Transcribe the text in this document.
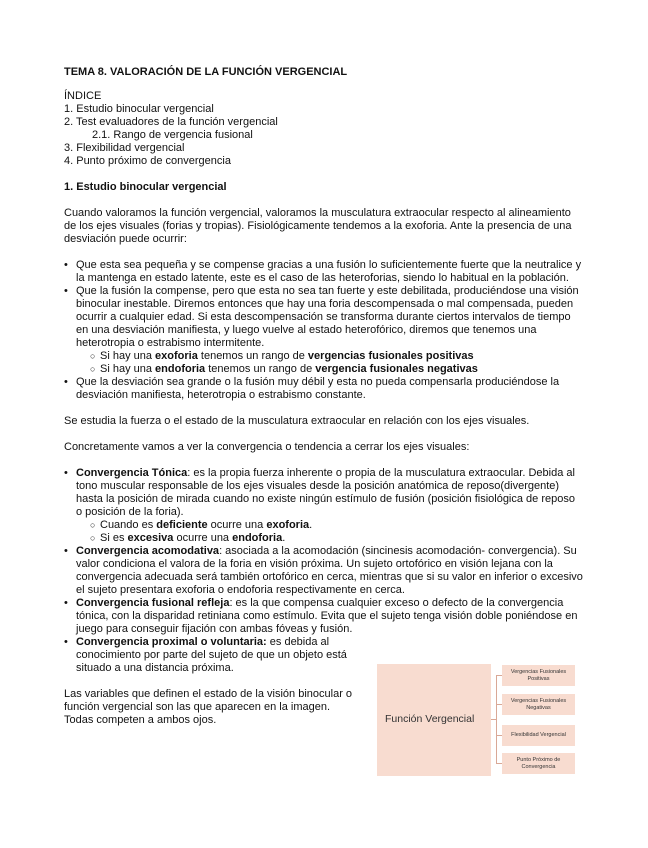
TEMA 8. VALORACIÓN DE LA FUNCIÓN VERGENCIAL

ÍNDICE
1. Estudio binocular vergencial
2. Test evaluadores de la función vergencial
2.1. Rango de vergencia fusional
3. Flexibilidad vergencial
4. Punto próximo de convergencia

1. Estudio binocular vergencial

Cuando valoramos la función vergencial, valoramos la musculatura extraocular respecto al alineamiento de los ejes visuales (forias y tropias). Fisiológicamente tendemos a la exoforia. Ante la presencia de una desviación puede ocurrir:

• Que esta sea pequeña y se compense gracias a una fusión lo suficientemente fuerte que la neutralice y la mantenga en estado latente, este es el caso de las heteroforias, siendo lo habitual en la población.
• Que la fusión la compense, pero que esta no sea tan fuerte y este debilitada, produciéndose una visión binocular inestable. Diremos entonces que hay una foria descompensada o mal compensada, pueden ocurrir a cualquier edad. Si esta descompensación se transforma durante ciertos intervalos de tiempo en una desviación manifiesta, y luego vuelve al estado heterofórico, diremos que tenemos una heterotropia o estrabismo intermitente.
○ Si hay una exoforia tenemos un rango de vergencias fusionales positivas
○ Si hay una endoforia tenemos un rango de vergencia fusionales negativas
• Que la desviación sea grande o la fusión muy débil y esta no pueda compensarla produciéndose la desviación manifiesta, heterotropia o estrabismo constante.

Se estudia la fuerza o el estado de la musculatura extraocular en relación con los ejes visuales.

Concretamente vamos a ver la convergencia o tendencia a cerrar los ejes visuales:

• Convergencia Tónica: es la propia fuerza inherente o propia de la musculatura extraocular. Debida al tono muscular responsable de los ejes visuales desde la posición anatómica de reposo(divergente) hasta la posición de mirada cuando no existe ningún estímulo de fusión (posición fisiológica de reposo o posición de la foria).
○ Cuando es deficiente ocurre una exoforia.
○ Si es excesiva ocurre una endoforia.
• Convergencia acomodativa: asociada a la acomodación (sincinesis acomodación- convergencia). Su valor condiciona el valora de la foria en visión próxima. Un sujeto ortofórico en visión lejana con la convergencia adecuada será también ortofórico en cerca, mientras que si su valor en inferior o excesivo el sujeto presentara exoforia o endoforia respectivamente en cerca.
• Convergencia fusional refleja: es la que compensa cualquier exceso o defecto de la convergencia tónica, con la disparidad retiniana como estímulo. Evita que el sujeto tenga visión doble poniéndose en juego para conseguir fijación con ambas fóveas y fusión.
• Convergencia proximal o voluntaria: es debida al conocimiento por parte del sujeto de que un objeto está situado a una distancia próxima.

Las variables que definen el estado de la visión binocular o función vergencial son las que aparecen en la imagen. Todas competen a ambos ojos.	Función Vergencial
Vergencias Fusionales Positivas
Vergencias Fusionales Negativas
Flexibilidad Vergencial
Punto Próximo de Convergencia
